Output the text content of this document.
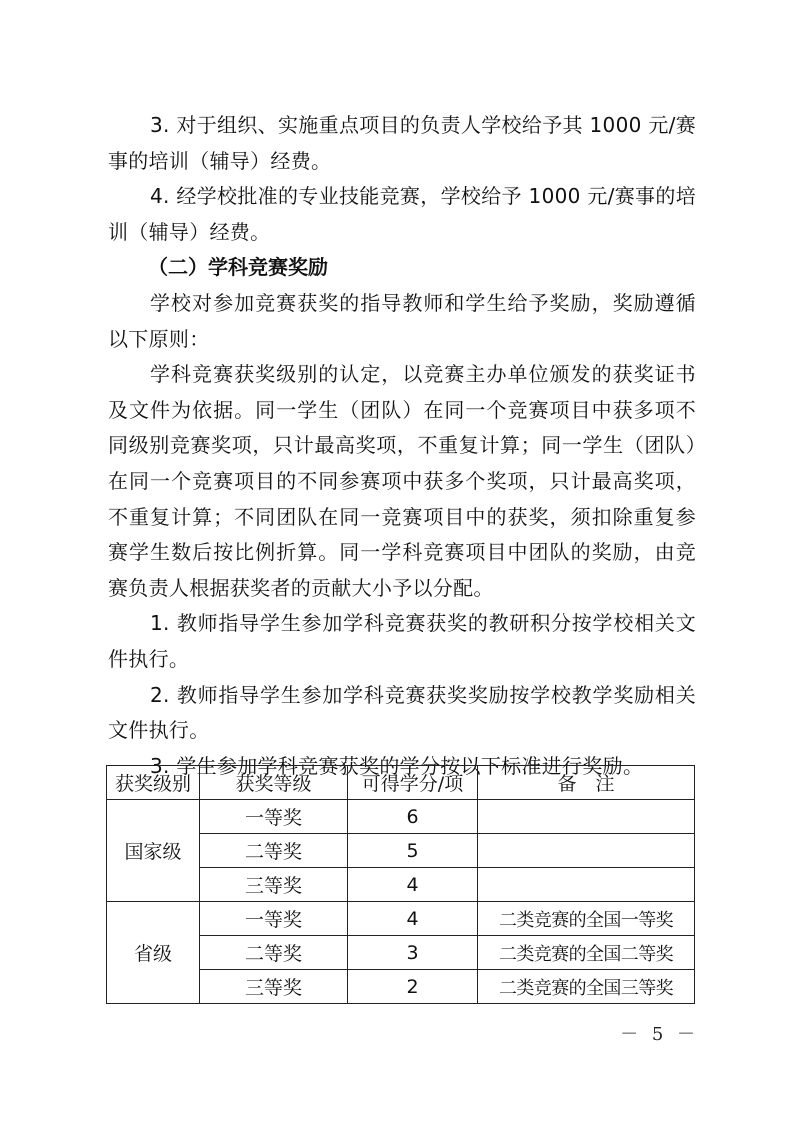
3. 对于组织、实施重点项目的负责人学校给予其 1000 元/赛事的培训（辅导）经费。

4. 经学校批准的专业技能竞赛，学校给予 1000 元/赛事的培训（辅导）经费。

（二）学科竞赛奖励

学校对参加竞赛获奖的指导教师和学生给予奖励，奖励遵循以下原则：

学科竞赛获奖级别的认定，以竞赛主办单位颁发的获奖证书及文件为依据。同一学生（团队）在同一个竞赛项目中获多项不同级别竞赛奖项，只计最高奖项，不重复计算；同一学生（团队）在同一个竞赛项目的不同参赛项中获多个奖项，只计最高奖项，不重复计算；不同团队在同一竞赛项目中的获奖，须扣除重复参赛学生数后按比例折算。同一学科竞赛项目中团队的奖励，由竞赛负责人根据获奖者的贡献大小予以分配。

1. 教师指导学生参加学科竞赛获奖的教研积分按学校相关文件执行。

2. 教师指导学生参加学科竞赛获奖奖励按学校教学奖励相关文件执行。

3. 学生参加学科竞赛获奖的学分按以下标准进行奖励。

获奖级别	获奖等级	可得学分/项	备　注
国家级	一等奖	6	
	二等奖	5	
	三等奖	4	
省级	一等奖	4	二类竞赛的全国一等奖
	二等奖	3	二类竞赛的全国二等奖
	三等奖	2	二类竞赛的全国三等奖
－ 5 －
